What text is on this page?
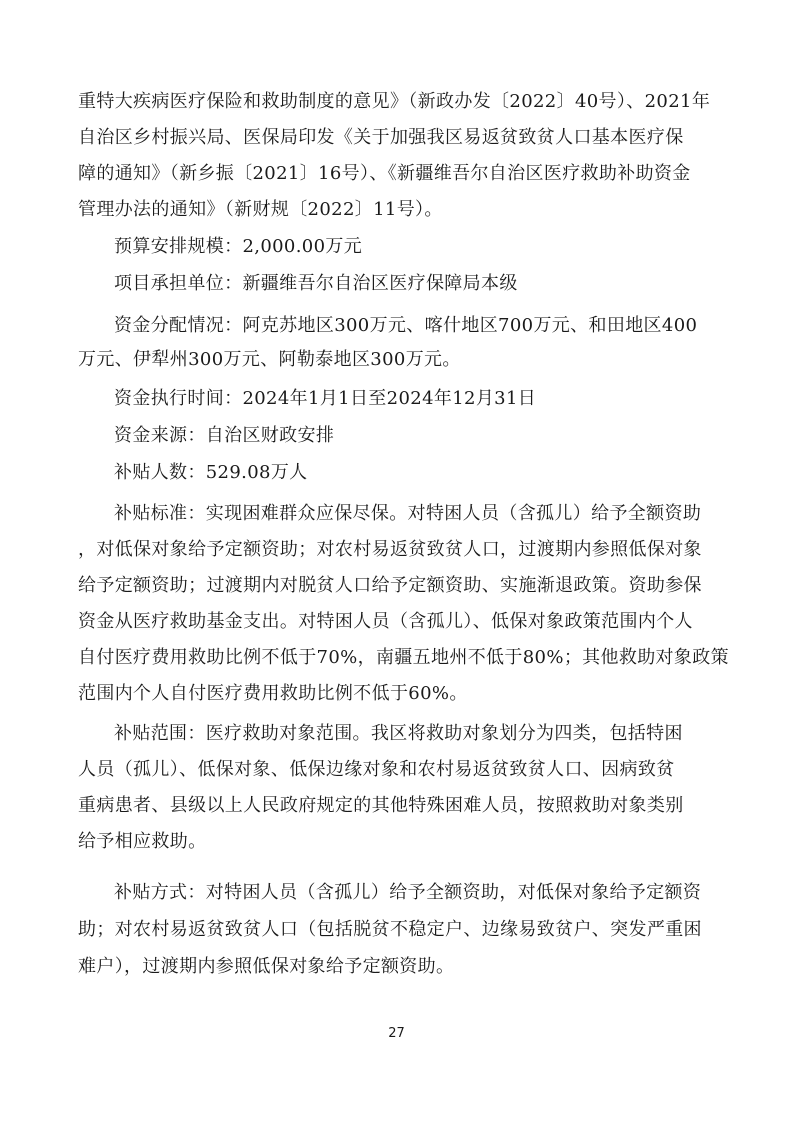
重特大疾病医疗保险和救助制度的意见》（新政办发〔2022〕40号）、2021年
自治区乡村振兴局、医保局印发《关于加强我区易返贫致贫人口基本医疗保
障的通知》（新乡振〔2021〕16号）、《新疆维吾尔自治区医疗救助补助资金
管理办法的通知》（新财规〔2022〕11号）。
预算安排规模：2,000.00万元
项目承担单位：新疆维吾尔自治区医疗保障局本级
资金分配情况：阿克苏地区300万元、喀什地区700万元、和田地区400
万元、伊犁州300万元、阿勒泰地区300万元。
资金执行时间：2024年1月1日至2024年12月31日
资金来源：自治区财政安排
补贴人数：529.08万人
补贴标准：实现困难群众应保尽保。对特困人员（含孤儿）给予全额资助
，对低保对象给予定额资助；对农村易返贫致贫人口，过渡期内参照低保对象
给予定额资助；过渡期内对脱贫人口给予定额资助、实施渐退政策。资助参保
资金从医疗救助基金支出。对特困人员（含孤儿）、低保对象政策范围内个人
自付医疗费用救助比例不低于70%，南疆五地州不低于80%；其他救助对象政策
范围内个人自付医疗费用救助比例不低于60%。
补贴范围：医疗救助对象范围。我区将救助对象划分为四类，包括特困
人员（孤儿）、低保对象、低保边缘对象和农村易返贫致贫人口、因病致贫
重病患者、县级以上人民政府规定的其他特殊困难人员，按照救助对象类别
给予相应救助。
补贴方式：对特困人员（含孤儿）给予全额资助，对低保对象给予定额资
助；对农村易返贫致贫人口（包括脱贫不稳定户、边缘易致贫户、突发严重困
难户），过渡期内参照低保对象给予定额资助。
27
